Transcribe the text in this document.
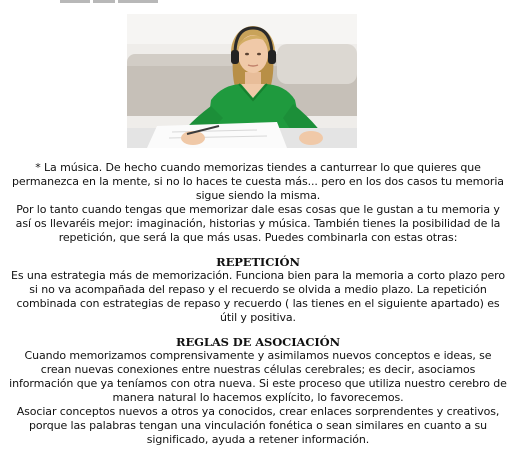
* La música. De hecho cuando memorizas tiendes a canturrear lo que quieres que permanezca en la mente, si no lo haces te cuesta más... pero en los dos casos tu memoria sigue siendo la misma.

Por lo tanto cuando tengas que memorizar dale esas cosas que le gustan a tu memoria y así os llevaréis mejor: imaginación, historias y música. También tienes la posibilidad de la repetición, que será la que más usas. Puedes combinarla con estas otras:

REPETICIÓN

Es una estrategia más de memorización. Funciona bien para la memoria a corto plazo pero si no va acompañada del repaso y el recuerdo se olvida a medio plazo. La repetición combinada con estrategias de repaso y recuerdo ( las tienes en el siguiente apartado) es útil y positiva.

REGLAS DE ASOCIACIÓN

Cuando memorizamos comprensivamente y asimilamos nuevos conceptos e ideas, se crean nuevas conexiones entre nuestras células cerebrales; es decir, asociamos información que ya teníamos con otra nueva. Si este proceso que utiliza nuestro cerebro de manera natural lo hacemos explícito, lo favorecemos.

Asociar conceptos nuevos a otros ya conocidos, crear enlaces sorprendentes y creativos, porque las palabras tengan una vinculación fonética o sean similares en cuanto a su significado, ayuda a retener información.
